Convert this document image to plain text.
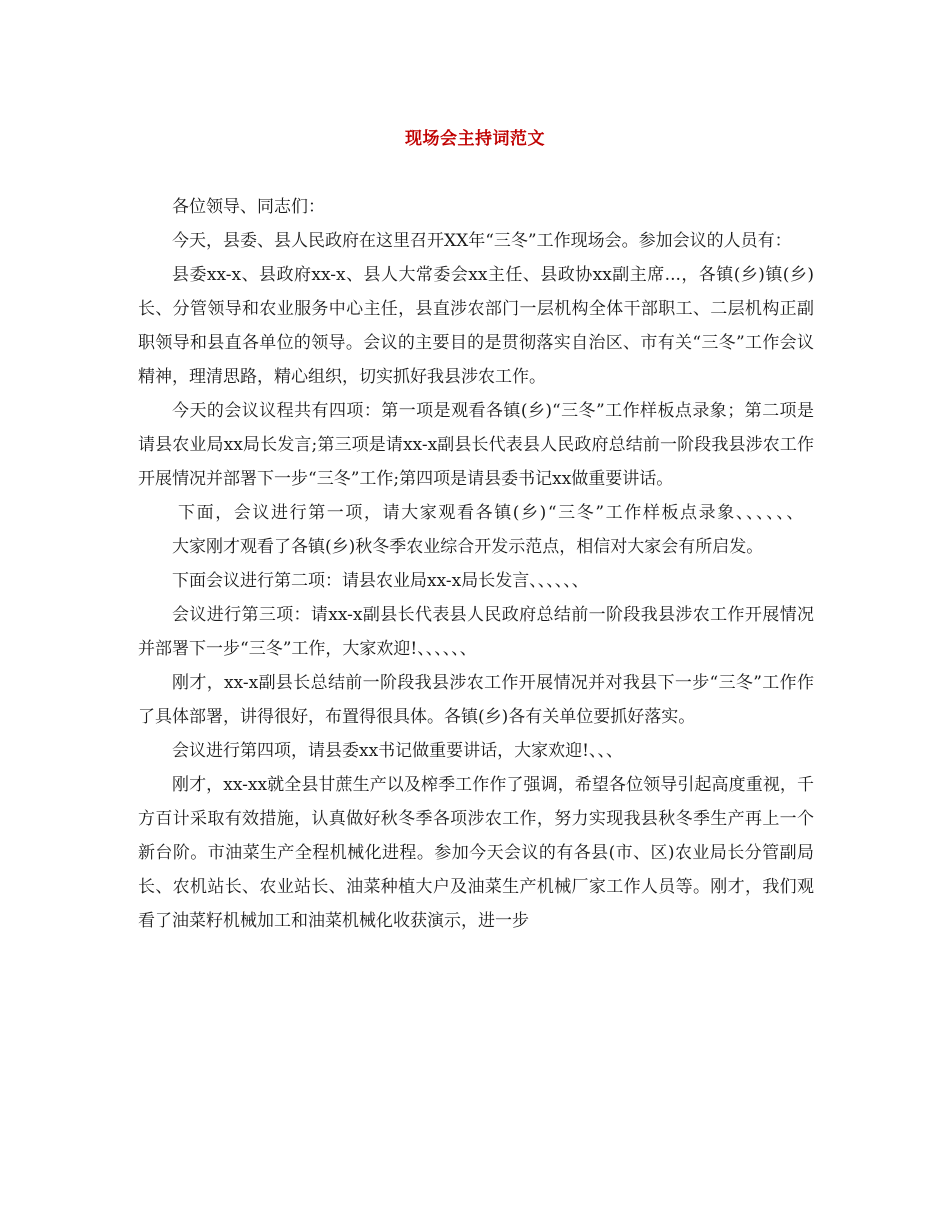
现场会主持词范文

各位领导、同志们：

今天，县委、县人民政府在这里召开XX年“三冬”工作现场会。参加会议的人员有：

县委xx-x、县政府xx-x、县人大常委会xx主任、县政协xx副主席...，各镇(乡)镇(乡)长、分管领导和农业服务中心主任，县直涉农部门一层机构全体干部职工、二层机构正副职领导和县直各单位的领导。会议的主要目的是贯彻落实自治区、市有关“三冬”工作会议精神，理清思路，精心组织，切实抓好我县涉农工作。

今天的会议议程共有四项：第一项是观看各镇(乡)“三冬”工作样板点录象；第二项是请县农业局xx局长发言;第三项是请xx-x副县长代表县人民政府总结前一阶段我县涉农工作开展情况并部署下一步“三冬”工作;第四项是请县委书记xx做重要讲话。

下面，会议进行第一项，请大家观看各镇(乡)“三冬”工作样板点录象、、、、、、

大家刚才观看了各镇(乡)秋冬季农业综合开发示范点，相信对大家会有所启发。

下面会议进行第二项：请县农业局xx-x局长发言、、、、、、

会议进行第三项：请xx-x副县长代表县人民政府总结前一阶段我县涉农工作开展情况并部署下一步“三冬”工作，大家欢迎!、、、、、、

刚才，xx-x副县长总结前一阶段我县涉农工作开展情况并对我县下一步“三冬”工作作了具体部署，讲得很好，布置得很具体。各镇(乡)各有关单位要抓好落实。

会议进行第四项，请县委xx书记做重要讲话，大家欢迎!、、、

刚才，xx-xx就全县甘蔗生产以及榨季工作作了强调，希望各位领导引起高度重视，千方百计采取有效措施，认真做好秋冬季各项涉农工作，努力实现我县秋冬季生产再上一个新台阶。市油菜生产全程机械化进程。参加今天会议的有各县(市、区)农业局长分管副局长、农机站长、农业站长、油菜种植大户及油菜生产机械厂家工作人员等。刚才，我们观看了油菜籽机械加工和油菜机械化收获演示，进一步
